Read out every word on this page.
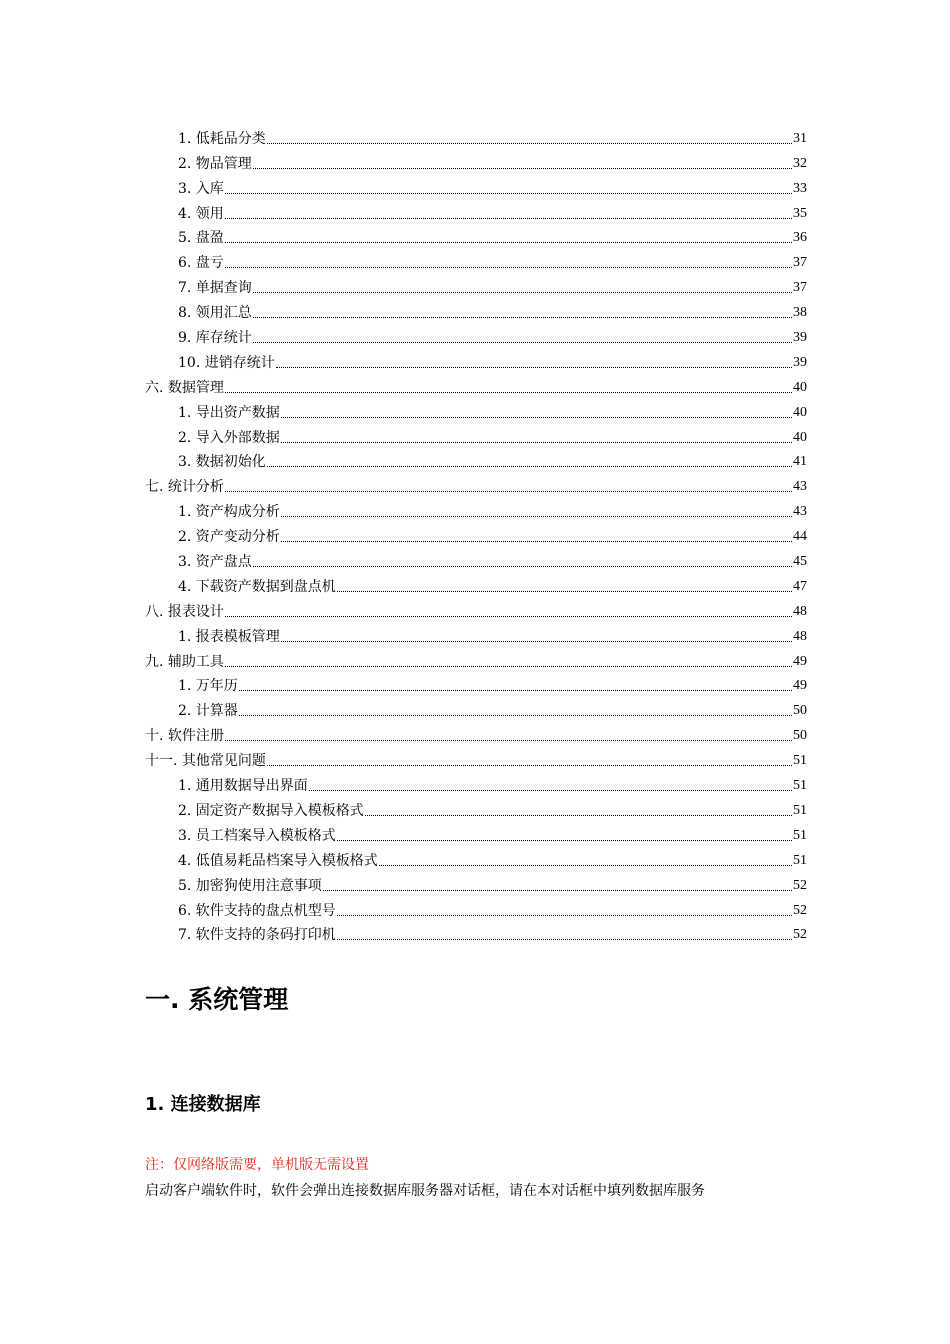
1. 低耗品分类	31
2. 物品管理	32
3. 入库	33
4. 领用	35
5. 盘盈	36
6. 盘亏	37
7. 单据查询	37
8. 领用汇总	38
9. 库存统计	39
10. 进销存统计	39
六. 数据管理	40
1. 导出资产数据	40
2. 导入外部数据	40
3. 数据初始化	41
七. 统计分析	43
1. 资产构成分析	43
2. 资产变动分析	44
3. 资产盘点	45
4. 下载资产数据到盘点机	47
八. 报表设计	48
1. 报表模板管理	48
九. 辅助工具	49
1. 万年历	49
2. 计算器	50
十. 软件注册	50
十一. 其他常见问题	51
1. 通用数据导出界面	51
2. 固定资产数据导入模板格式	51
3. 员工档案导入模板格式	51
4. 低值易耗品档案导入模板格式	51
5. 加密狗使用注意事项	52
6. 软件支持的盘点机型号	52
7. 软件支持的条码打印机	52
一. 系统管理
1. 连接数据库
注：仅网络版需要，单机版无需设置
启动客户端软件时，软件会弹出连接数据库服务器对话框，请在本对话框中填列数据库服务
